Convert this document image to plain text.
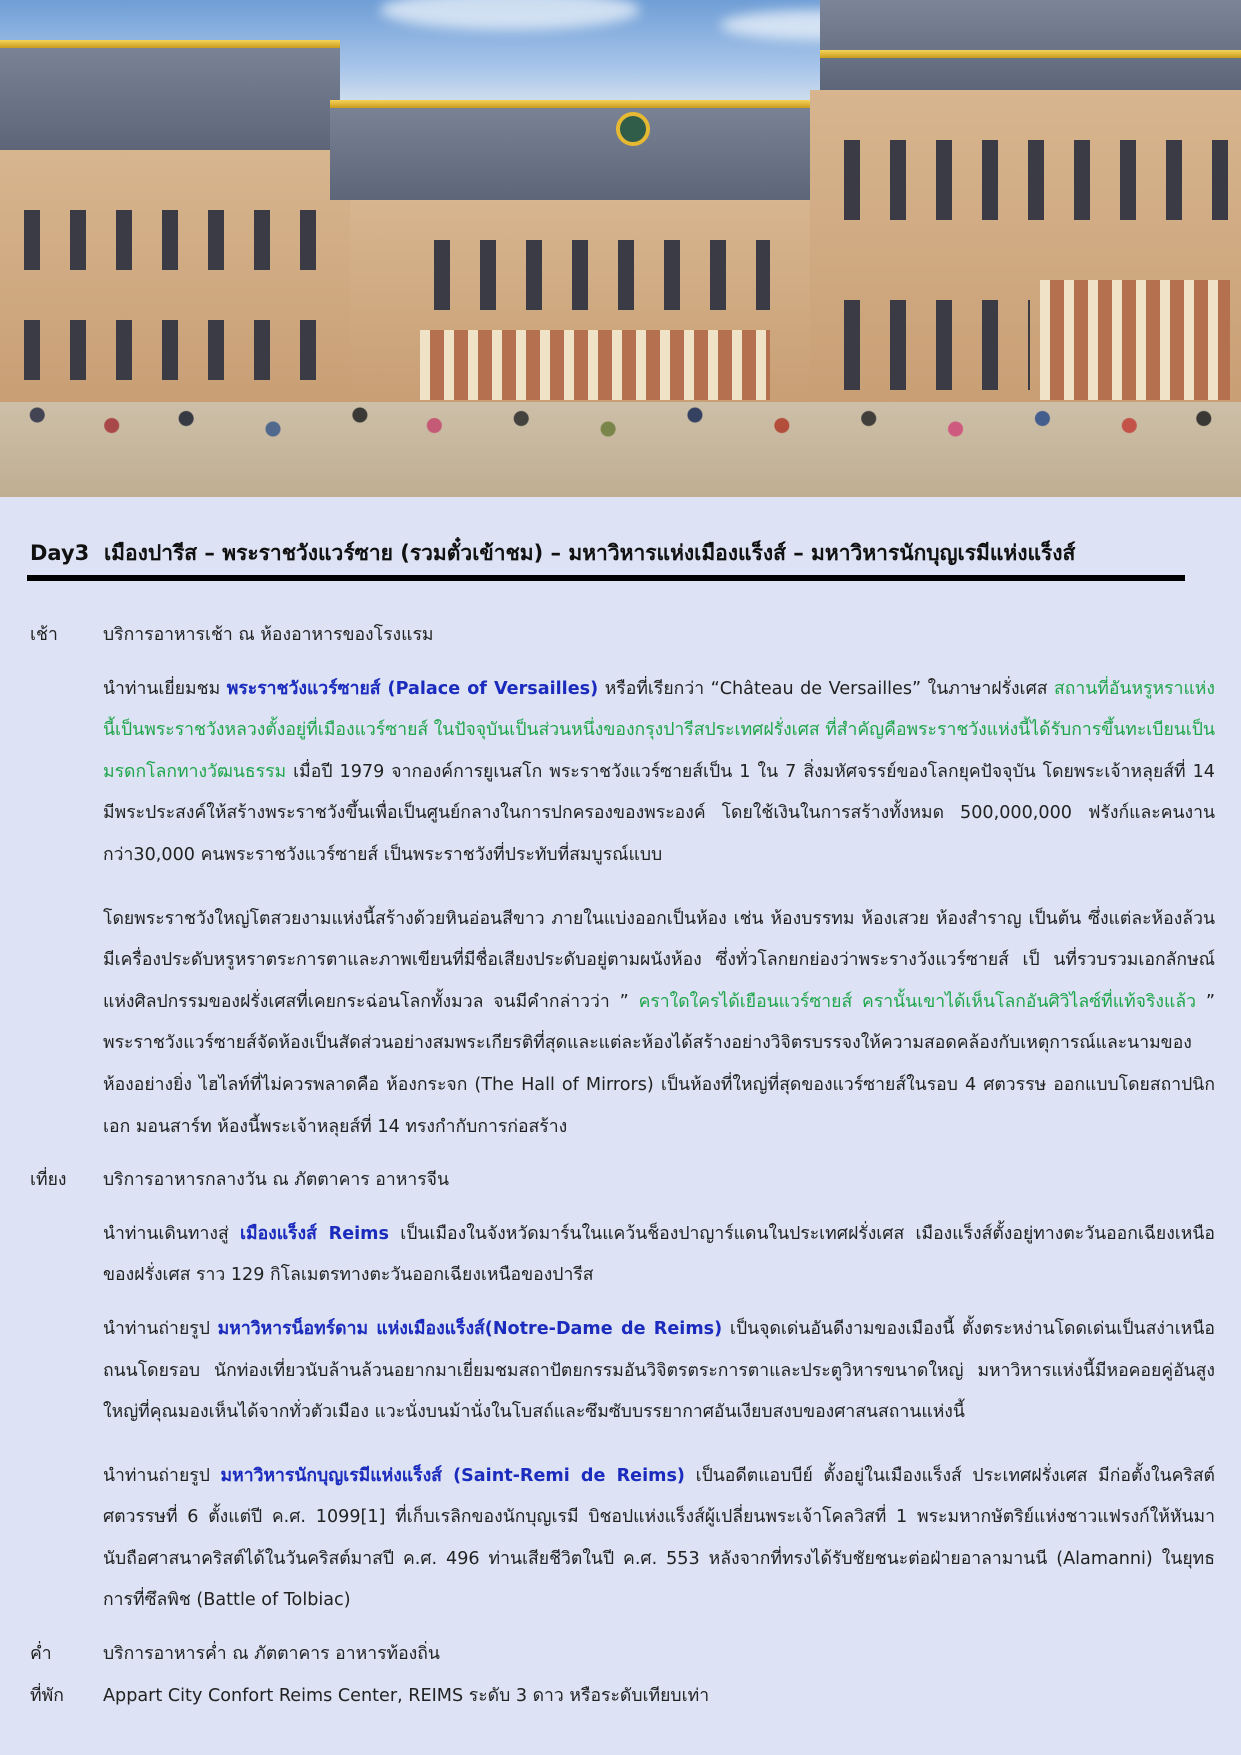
Day3 เมืองปารีส – พระราชวังแวร์ซาย (รวมตั๋วเข้าชม) – มหาวิหารแห่งเมืองแร็งส์ – มหาวิหารนักบุญเรมีแห่งแร็งส์
เช้า	บริการอาหารเช้า ณ ห้องอาหารของโรงแรม
นำท่านเยี่ยมชม พระราชวังแวร์ซายส์ (Palace of Versailles) หรือที่เรียกว่า “Château de Versailles” ในภาษาฝรั่งเศส สถานที่อันหรูหราแห่งนี้เป็นพระราชวังหลวงตั้งอยู่ที่เมืองแวร์ซายส์ ในปัจจุบันเป็นส่วนหนึ่งของกรุงปารีสประเทศฝรั่งเศส ที่สำคัญคือพระราชวังแห่งนี้ได้รับการขึ้นทะเบียนเป็นมรดกโลกทางวัฒนธรรม เมื่อปี 1979 จากองค์การยูเนสโก พระราชวังแวร์ซายส์เป็น 1 ใน 7 สิ่งมหัศจรรย์ของโลกยุคปัจจุบัน โดยพระเจ้าหลุยส์ที่ 14 มีพระประสงค์ให้สร้างพระราชวังขึ้นเพื่อเป็นศูนย์กลางในการปกครองของพระองค์ โดยใช้เงินในการสร้างทั้งหมด 500,000,000 ฟรังก์และคนงานกว่า30,000 คนพระราชวังแวร์ซายส์ เป็นพระราชวังที่ประทับที่สมบูรณ์แบบ
โดยพระราชวังใหญ่โตสวยงามแห่งนี้สร้างด้วยหินอ่อนสีขาว ภายในแบ่งออกเป็นห้อง เช่น ห้องบรรทม ห้องเสวย ห้องสำราญ เป็นต้น ซึ่งแต่ละห้องล้วนมีเครื่องประดับหรูหราตระการตาและภาพเขียนที่มีชื่อเสียงประดับอยู่ตามผนังห้อง ซึ่งทั่วโลกยกย่องว่าพระรางวังแวร์ซายส์ เป็ นที่รวบรวมเอกลักษณ์แห่งศิลปกรรมของฝรั่งเศสที่เคยกระฉ่อนโลกทั้งมวล จนมีคำกล่าวว่า ” คราใดใครได้เยือนแวร์ซายส์ ครานั้นเขาได้เห็นโลกอันศิวิไลซ์ที่แท้จริงแล้ว ” พระราชวังแวร์ซายส์จัดห้องเป็นสัดส่วนอย่างสมพระเกียรติที่สุดและแต่ละห้องได้สร้างอย่างวิจิตรบรรจงให้ความสอดคล้องกับเหตุการณ์และนามของห้องอย่างยิ่ง ไฮไลท์ที่ไม่ควรพลาดคือ ห้องกระจก (The Hall of Mirrors) เป็นห้องที่ใหญ่ที่สุดของแวร์ซายส์ในรอบ 4 ศตวรรษ ออกแบบโดยสถาปนิกเอก มอนสาร์ท ห้องนี้พระเจ้าหลุยส์ที่ 14 ทรงกำกับการก่อสร้าง
เที่ยง	บริการอาหารกลางวัน ณ ภัตตาคาร อาหารจีน
นำท่านเดินทางสู่ เมืองแร็งส์ Reims เป็นเมืองในจังหวัดมาร์นในแคว้นช็องปาญาร์แดนในประเทศฝรั่งเศส เมืองแร็งส์ตั้งอยู่ทางตะวันออกเฉียงเหนือของฝรั่งเศส ราว 129 กิโลเมตรทางตะวันออกเฉียงเหนือของปารีส
นำท่านถ่ายรูป มหาวิหารน็อทร์ดาม แห่งเมืองแร็งส์(Notre-Dame de Reims) เป็นจุดเด่นอันดีงามของเมืองนี้ ตั้งตระหง่านโดดเด่นเป็นสง่าเหนือถนนโดยรอบ นักท่องเที่ยวนับล้านล้วนอยากมาเยี่ยมชมสถาปัตยกรรมอันวิจิตรตระการตาและประตูวิหารขนาดใหญ่ มหาวิหารแห่งนี้มีหอคอยคู่อันสูงใหญ่ที่คุณมองเห็นได้จากทั่วตัวเมือง แวะนั่งบนม้านั่งในโบสถ์และซึมซับบรรยากาศอันเงียบสงบของศาสนสถานแห่งนี้
นำท่านถ่ายรูป มหาวิหารนักบุญเรมีแห่งแร็งส์ (Saint-Remi de Reims) เป็นอดีตแอบบีย์ ตั้งอยู่ในเมืองแร็งส์ ประเทศฝรั่งเศส มีก่อตั้งในคริสต์ศตวรรษที่ 6 ตั้งแต่ปี ค.ศ. 1099[1] ที่เก็บเรลิกของนักบุญเรมี บิชอปแห่งแร็งส์ผู้เปลี่ยนพระเจ้าโคลวิสที่ 1 พระมหากษัตริย์แห่งชาวแฟรงก์ให้หันมานับถือศาสนาคริสต์ได้ในวันคริสต์มาสปี ค.ศ. 496 ท่านเสียชีวิตในปี ค.ศ. 553 หลังจากที่ทรงได้รับชัยชนะต่อฝ่ายอาลามานนี (Alamanni) ในยุทธการที่ซึลพิช (Battle of Tolbiac)
ค่ำ	บริการอาหารค่ำ ณ ภัตตาคาร อาหารท้องถิ่น
ที่พัก	Appart City Confort Reims Center, REIMS ระดับ 3 ดาว หรือระดับเทียบเท่า
